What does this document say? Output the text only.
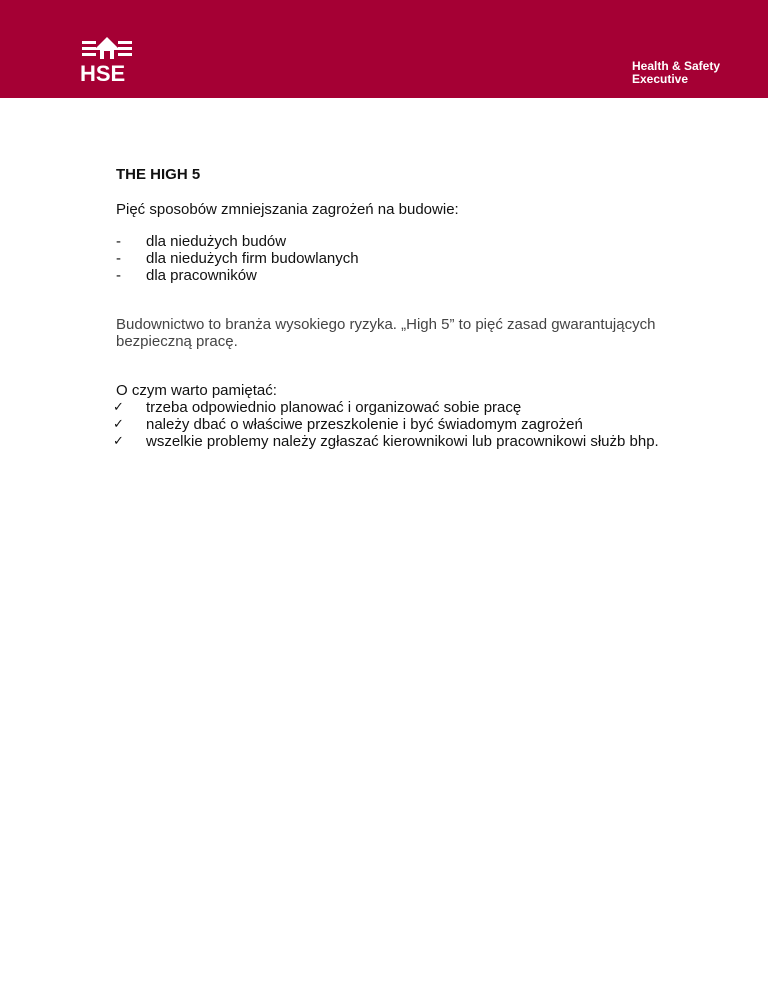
HSE	Health & Safety
Executive

THE HIGH 5

Pięć sposobów zmniejszania zagrożeń na budowie:

- dla niedużych budów
- dla niedużych firm budowlanych
- dla pracowników

Budownictwo to branża wysokiego ryzyka. „High 5” to pięć zasad gwarantujących bezpieczną pracę.

O czym warto pamiętać:

✓ trzeba odpowiednio planować i organizować sobie pracę
✓ należy dbać o właściwe przeszkolenie i być świadomym zagrożeń
✓ wszelkie problemy należy zgłaszać kierownikowi lub pracownikowi służb bhp.
